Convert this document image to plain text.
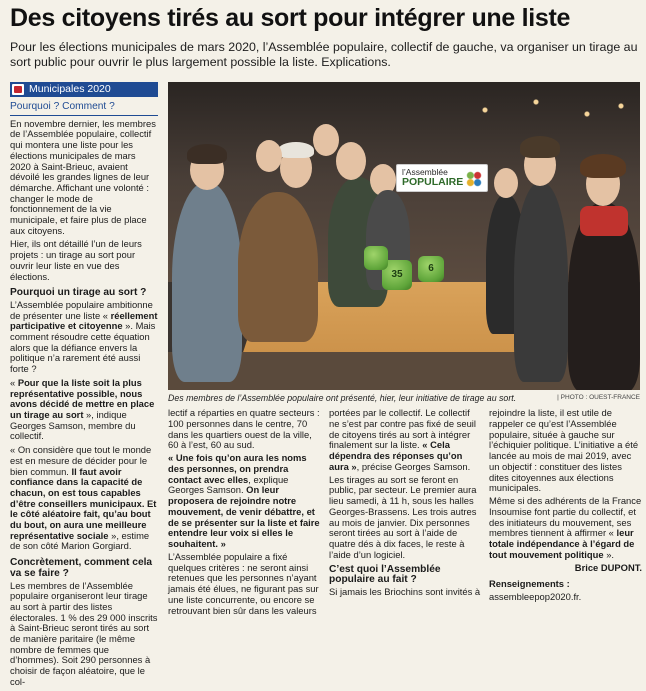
Des citoyens tirés au sort pour intégrer une liste
Pour les élections municipales de mars 2020, l’Assemblée populaire, collectif de gauche, va organiser un tirage au sort public pour ouvrir le plus largement possible la liste. Explications.
Municipales 2020

Pourquoi ? Comment ?

En novembre dernier, les membres de l’Assemblée populaire, collectif qui montera une liste pour les élections municipales de mars 2020 à Saint-Brieuc, avaient dévoilé les grandes lignes de leur démarche. Affichant une volonté : changer le mode de fonctionnement de la vie municipale, et faire plus de place aux citoyens.

Hier, ils ont détaillé l’un de leurs projets : un tirage au sort pour ouvrir leur liste en vue des élections.

Pourquoi un tirage au sort ?

L’Assemblée populaire ambitionne de présenter une liste « réellement participative et citoyenne ». Mais comment résoudre cette équation alors que la défiance envers la politique n’a rarement été aussi forte ?

« Pour que la liste soit la plus représentative possible, nous avons décidé de mettre en place un tirage au sort », indique Georges Samson, membre du collectif.

« On considère que tout le monde est en mesure de décider pour le bien commun. Il faut avoir confiance dans la capacité de chacun, on est tous capables d’être conseillers municipaux. Et le côté aléatoire fait, qu’au bout du bout, on aura une meilleure représentative sociale », estime de son côté Marion Gorgiard.

Concrètement, comment cela va se faire ?

Les membres de l’Assemblée populaire organiseront leur tirage au sort à partir des listes électorales. 1 % des 29 000 inscrits à Saint-Brieuc seront tirés au sort de manière paritaire (le même nombre de femmes que d’hommes). Soit 290 personnes à choisir de façon aléatoire, que le col-

l’Assemblée
POPULAIRE
35
6
Des membres de l’Assemblée populaire ont présenté, hier, leur initiative de tirage au sort.	| PHOTO : OUEST-FRANCE

lectif a réparties en quatre secteurs : 100 personnes dans le centre, 70 dans les quartiers ouest de la ville, 60 à l’est, 60 au sud.

« Une fois qu’on aura les noms des personnes, on prendra contact avec elles, explique Georges Samson. On leur proposera de rejoindre notre mouvement, de venir débattre, et de se présenter sur la liste et faire entendre leur voix si elles le souhaitent. »

L’Assemblée populaire a fixé quelques critères : ne seront ainsi retenues que les personnes n’ayant jamais été élues, ne figurant pas sur une liste concurrente, ou encore se retrouvant bien sûr dans les valeurs

portées par le collectif. Le collectif ne s’est par contre pas fixé de seuil de citoyens tirés au sort à intégrer finalement sur la liste. « Cela dépendra des réponses qu’on aura », précise Georges Samson.

Les tirages au sort se feront en public, par secteur. Le premier aura lieu samedi, à 11 h, sous les halles Georges-Brassens. Les trois autres au mois de janvier. Dix personnes seront tirées au sort à l’aide de quatre dés à dix faces, le reste à l’aide d’un logiciel.

C’est quoi l’Assemblée populaire au fait ?

Si jamais les Briochins sont invités à

rejoindre la liste, il est utile de rappeler ce qu’est l’Assemblée populaire, située à gauche sur l’échiquier politique. L’initiative a été lancée au mois de mai 2019, avec un objectif : constituer des listes dites citoyennes aux élections municipales.

Même si des adhérents de la France Insoumise font partie du collectif, et des initiateurs du mouvement, ses membres tiennent à affirmer « leur totale indépendance à l’égard de tout mouvement politique ».

Brice DUPONT.

Renseignements :

assembleepop2020.fr.
